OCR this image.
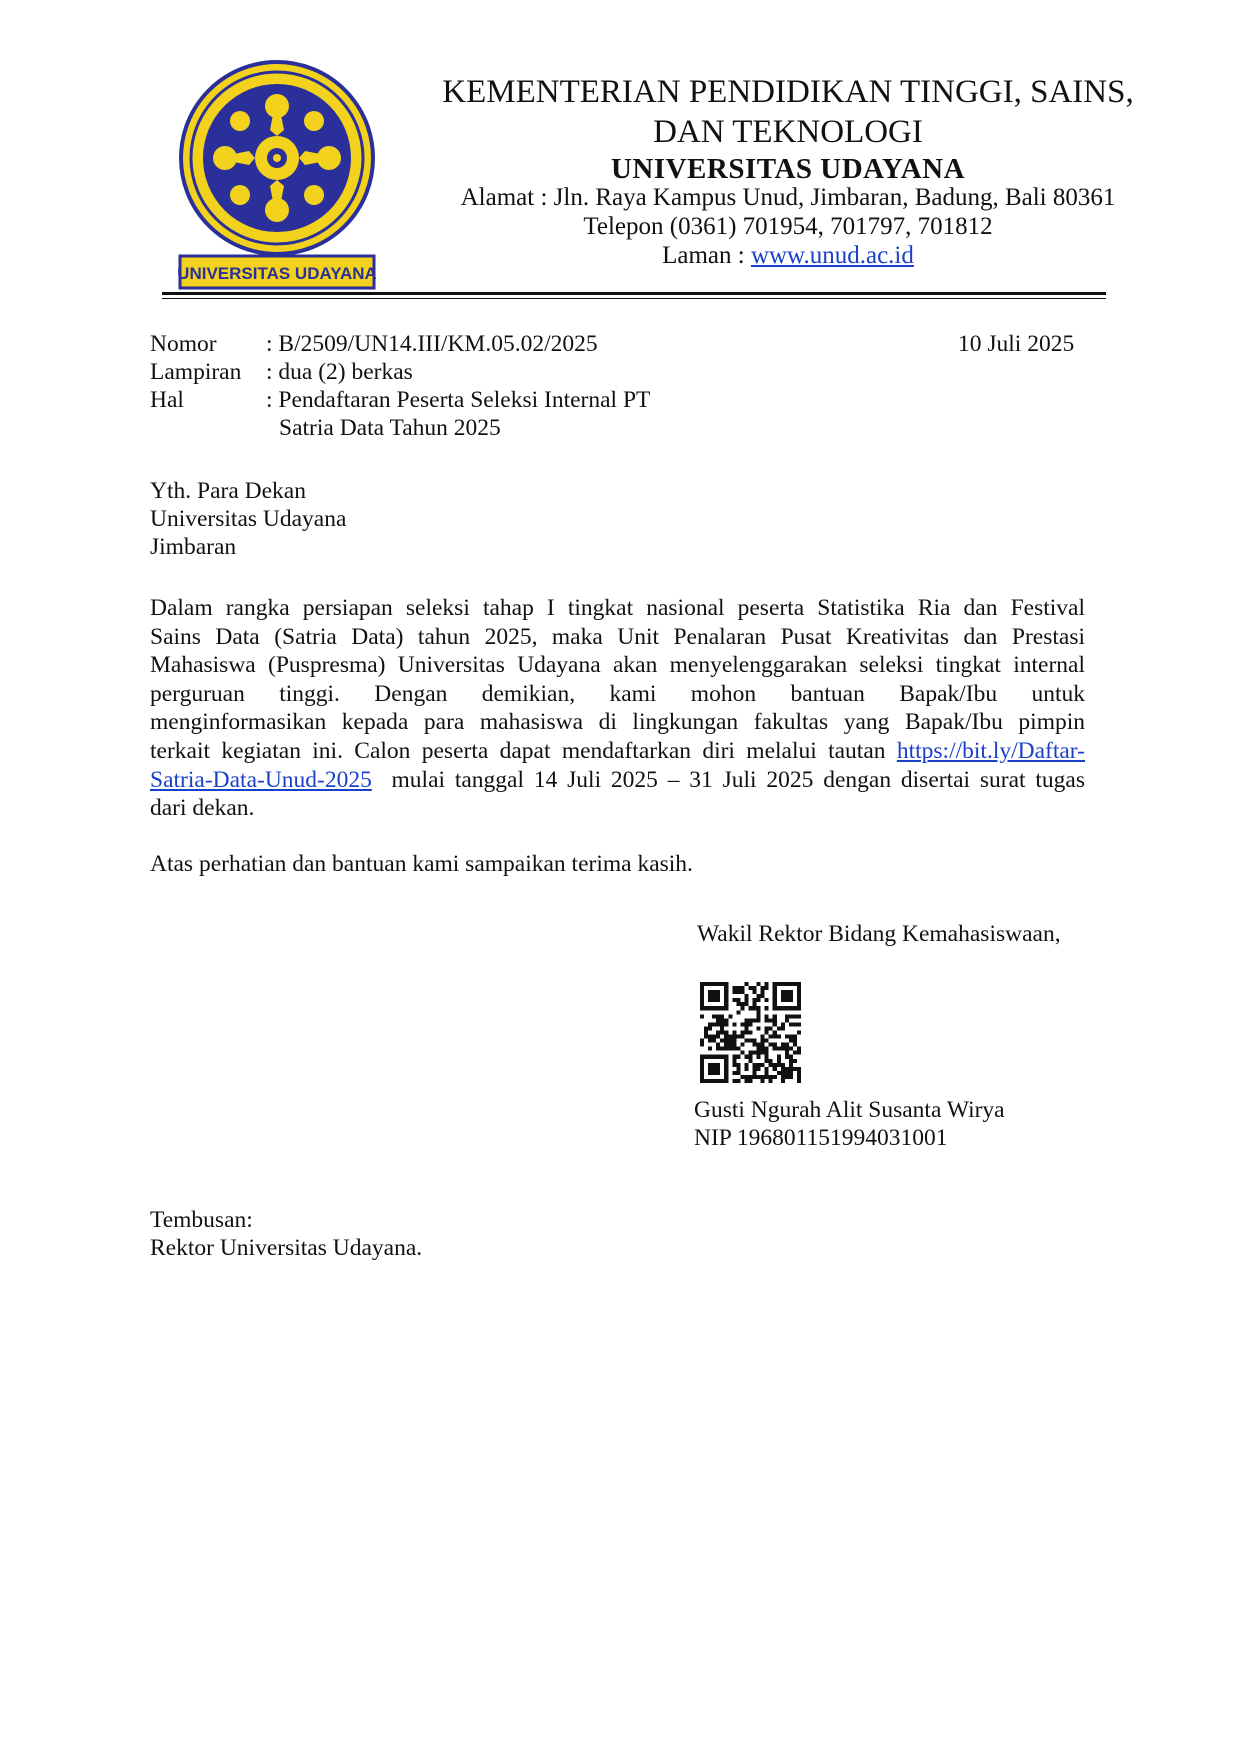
UNIVERSITAS UDAYANA
KEMENTERIAN PENDIDIKAN TINGGI, SAINS,
DAN TEKNOLOGI
UNIVERSITAS UDAYANA
Alamat : Jln. Raya Kampus Unud, Jimbaran, Badung, Bali 80361
Telepon (0361) 701954, 701797, 701812
Laman : www.unud.ac.id
Nomor : B/2509/UN14.III/KM.05.02/2025	10 Juli 2025
Lampiran : dua (2) berkas
Hal	: Pendaftaran Peserta Seleksi Internal PT
Satria Data Tahun 2025
Yth. Para Dekan
Universitas Udayana
Jimbaran
Dalam rangka persiapan seleksi tahap I tingkat nasional peserta Statistika Ria dan Festival
Sains Data (Satria Data) tahun 2025, maka Unit Penalaran Pusat Kreativitas dan Prestasi
Mahasiswa (Puspresma) Universitas Udayana akan menyelenggarakan seleksi tingkat internal
perguruan tinggi. Dengan demikian, kami mohon bantuan Bapak/Ibu untuk
menginformasikan kepada para mahasiswa di lingkungan fakultas yang Bapak/Ibu pimpin
terkait kegiatan ini. Calon peserta dapat mendaftarkan diri melalui tautan https://bit.ly/Daftar-
Satria-Data-Unud-2025  mulai tanggal 14 Juli 2025 – 31 Juli 2025 dengan disertai surat tugas
dari dekan.
Atas perhatian dan bantuan kami sampaikan terima kasih.
Wakil Rektor Bidang Kemahasiswaan,
Gusti Ngurah Alit Susanta Wirya
NIP 196801151994031001
Tembusan:
Rektor Universitas Udayana.
